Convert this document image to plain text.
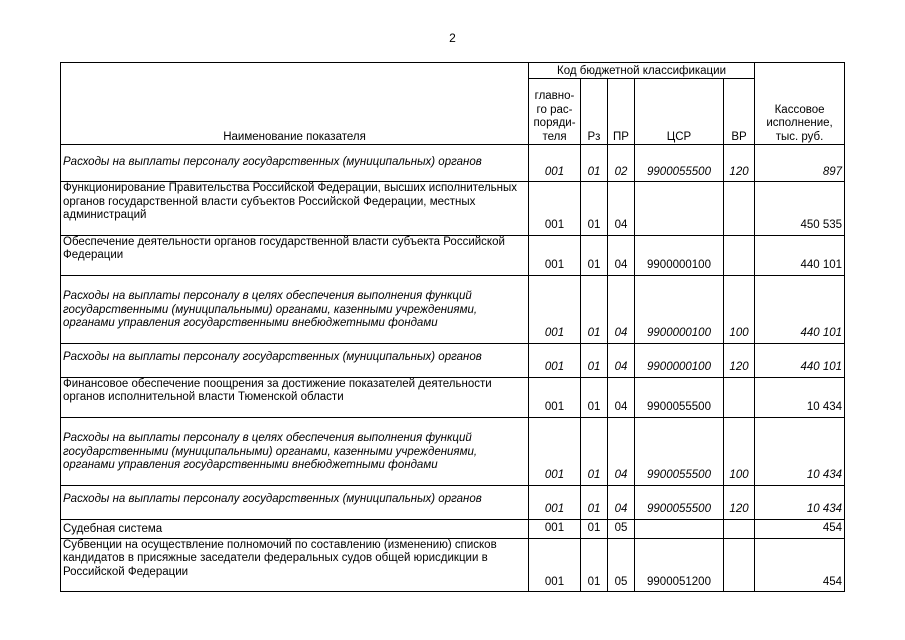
2
Наименование показателя	Код бюджетной классификации					Кассовое исполнение, тыс. руб.
	главно-го рас-поряди-теля	Рз	ПР	ЦСР	ВР	

Расходы на выплаты персоналу государственных (муниципальных) органов	001	01	02	9900055500	120	897

Функционирование Правительства Российской Федерации, высших исполнительных органов государственной власти субъектов Российской Федерации, местных администраций	001	01	04			450 535

Обеспечение деятельности органов государственной власти субъекта Российской Федерации	001	01	04	9900000100		440 101

Расходы на выплаты персоналу в целях обеспечения выполнения функций государственными (муниципальными) органами, казенными учреждениями, органами управления государственными внебюджетными фондами	001	01	04	9900000100	100	440 101

Расходы на выплаты персоналу государственных (муниципальных) органов	001	01	04	9900000100	120	440 101

Финансовое обеспечение поощрения за достижение показателей деятельности органов исполнительной власти Тюменской области	001	01	04	9900055500		10 434

Расходы на выплаты персоналу в целях обеспечения выполнения функций государственными (муниципальными) органами, казенными учреждениями, органами управления государственными внебюджетными фондами	001	01	04	9900055500	100	10 434

Расходы на выплаты персоналу государственных (муниципальных) органов	001	01	04	9900055500	120	10 434

Судебная система	001	01	05			454

Субвенции на осуществление полномочий по составлению (изменению) списков кандидатов в присяжные заседатели федеральных судов общей юрисдикции в Российской Федерации	001	01	05	9900051200		454
